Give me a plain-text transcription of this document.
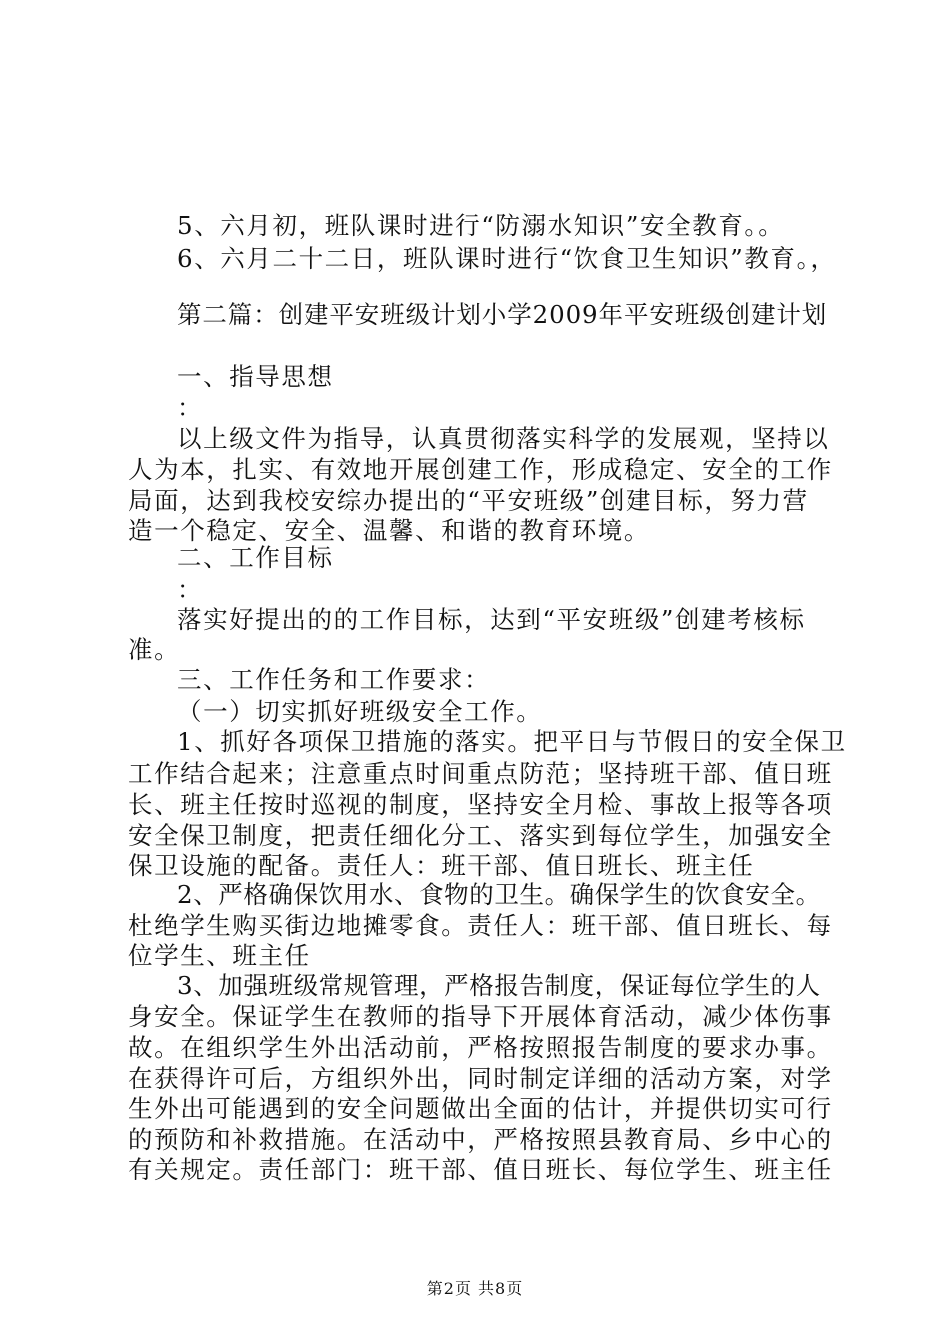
5、六月初，班队课时进行“防溺水知识”安全教育。。
6、六月二十二日，班队课时进行“饮食卫生知识”教育。，
第二篇：创建平安班级计划小学2009年平安班级创建计划
一、指导思想
：
以上级文件为指导，认真贯彻落实科学的发展观，坚持以
人为本，扎实、有效地开展创建工作，形成稳定、安全的工作
局面，达到我校安综办提出的“平安班级”创建目标，努力营
造一个稳定、安全、温馨、和谐的教育环境。
二、工作目标
：
落实好提出的的工作目标，达到“平安班级”创建考核标
准。
三、工作任务和工作要求：
（一）切实抓好班级安全工作。
1、抓好各项保卫措施的落实。把平日与节假日的安全保卫
工作结合起来；注意重点时间重点防范；坚持班干部、值日班
长、班主任按时巡视的制度，坚持安全月检、事故上报等各项
安全保卫制度，把责任细化分工、落实到每位学生，加强安全
保卫设施的配备。责任人：班干部、值日班长、班主任
2、严格确保饮用水、食物的卫生。确保学生的饮食安全。
杜绝学生购买街边地摊零食。责任人：班干部、值日班长、每
位学生、班主任
3、加强班级常规管理，严格报告制度，保证每位学生的人
身安全。保证学生在教师的指导下开展体育活动，减少体伤事
故。在组织学生外出活动前，严格按照报告制度的要求办事。
在获得许可后，方组织外出，同时制定详细的活动方案，对学
生外出可能遇到的安全问题做出全面的估计，并提供切实可行
的预防和补救措施。在活动中，严格按照县教育局、乡中心的
有关规定。责任部门：班干部、值日班长、每位学生、班主任
第2页 共8页
